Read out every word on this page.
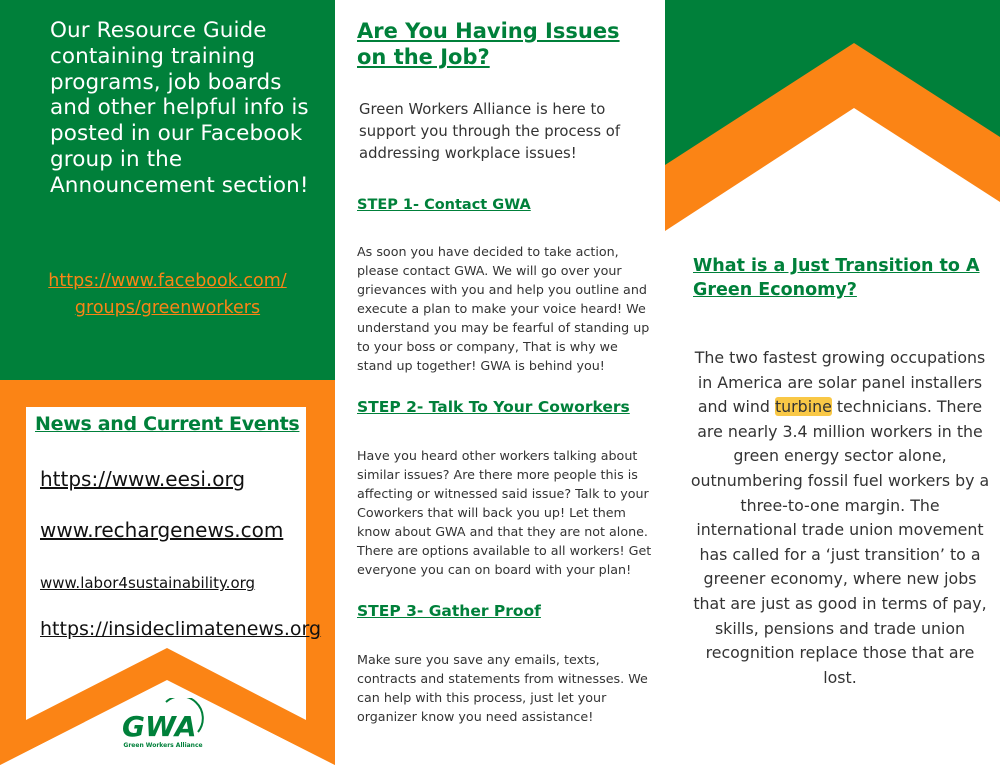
Our Resource Guide containing training programs, job boards and other helpful info is posted in our Facebook group in the Announcement section!
https://www.facebook.com/ groups/greenworkers
News and Current Events
https://www.eesi.org
www.rechargenews.com
www.labor4sustainability.org
https://insideclimatenews.org
GWA
Green Workers Alliance
Are You Having Issues on the Job?
Green Workers Alliance is here to support you through the process of addressing workplace issues!
STEP 1- Contact GWA
As soon you have decided to take action, please contact GWA. We will go over your grievances with you and help you outline and execute a plan to make your voice heard! We understand you may be fearful of standing up to your boss or company, That is why we stand up together! GWA is behind you!
STEP 2- Talk To Your Coworkers
Have you heard other workers talking about similar issues? Are there more people this is affecting or witnessed said issue? Talk to your Coworkers that will back you up! Let them know about GWA and that they are not alone. There are options available to all workers! Get everyone you can on board with your plan!
STEP 3- Gather Proof
Make sure you save any emails, texts, contracts and statements from witnesses. We can help with this process, just let your organizer know you need assistance!
What is a Just Transition to A Green Economy?
The two fastest growing occupations in America are solar panel installers and wind turbine technicians. There are nearly 3.4 million workers in the green energy sector alone, outnumbering fossil fuel workers by a three-to-one margin. The international trade union movement has called for a ‘just transition’ to a greener economy, where new jobs that are just as good in terms of pay, skills, pensions and trade union recognition replace those that are lost.
